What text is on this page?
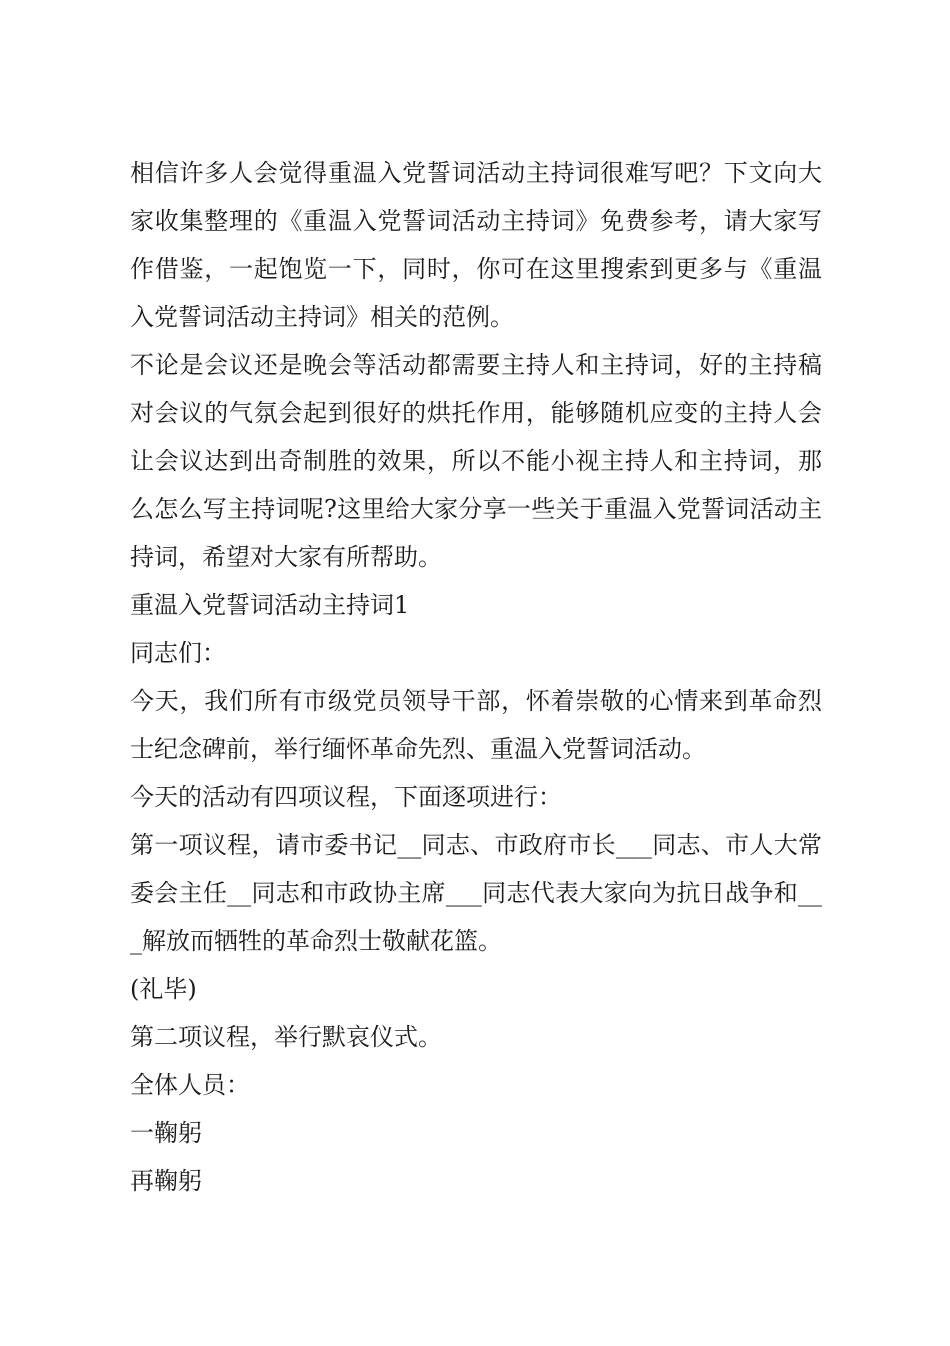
相信许多人会觉得重温入党誓词活动主持词很难写吧？下文向大家收集整理的《重温入党誓词活动主持词》免费参考，请大家写作借鉴，一起饱览一下，同时，你可在这里搜索到更多与《重温入党誓词活动主持词》相关的范例。

不论是会议还是晚会等活动都需要主持人和主持词，好的主持稿对会议的气氛会起到很好的烘托作用，能够随机应变的主持人会让会议达到出奇制胜的效果，所以不能小视主持人和主持词，那么怎么写主持词呢?这里给大家分享一些关于重温入党誓词活动主持词，希望对大家有所帮助。

重温入党誓词活动主持词1

同志们：

今天，我们所有市级党员领导干部，怀着崇敬的心情来到革命烈士纪念碑前，举行缅怀革命先烈、重温入党誓词活动。

今天的活动有四项议程，下面逐项进行：

第一项议程，请市委书记__同志、市政府市长___同志、市人大常委会主任__同志和市政协主席___同志代表大家向为抗日战争和___解放而牺牲的革命烈士敬献花篮。

(礼毕)

第二项议程，举行默哀仪式。

全体人员：

一鞠躬

再鞠躬
